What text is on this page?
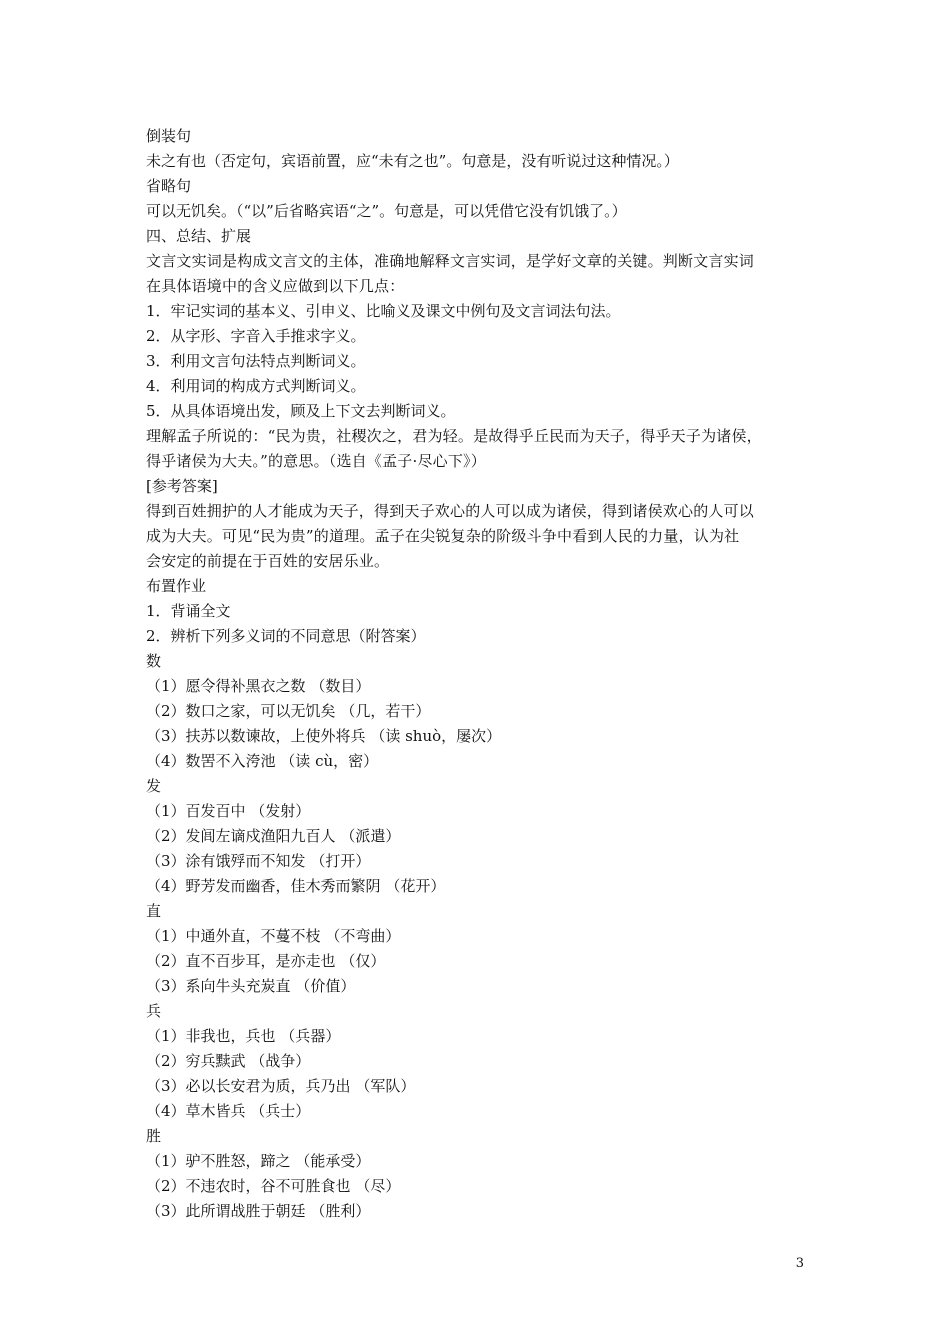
倒装句
未之有也（否定句，宾语前置，应“未有之也”。句意是，没有听说过这种情况。）
省略句
可以无饥矣。（“以”后省略宾语“之”。句意是，可以凭借它没有饥饿了。）
四、总结、扩展
文言文实词是构成文言文的主体，准确地解释文言实词，是学好文章的关键。判断文言实词
在具体语境中的含义应做到以下几点：
1．牢记实词的基本义、引申义、比喻义及课文中例句及文言词法句法。
2．从字形、字音入手推求字义。
3．利用文言句法特点判断词义。
4．利用词的构成方式判断词义。
5．从具体语境出发，顾及上下文去判断词义。
理解孟子所说的：“民为贵，社稷次之，君为轻。是故得乎丘民而为天子，得乎天子为诸侯，
得乎诸侯为大夫。”的意思。（选自《孟子·尽心下》）
[参考答案]
得到百姓拥护的人才能成为天子，得到天子欢心的人可以成为诸侯，得到诸侯欢心的人可以
成为大夫。可见“民为贵”的道理。孟子在尖锐复杂的阶级斗争中看到人民的力量，认为社
会安定的前提在于百姓的安居乐业。
布置作业
1．背诵全文
2．辨析下列多义词的不同意思（附答案）
数
（1）愿令得补黑衣之数 （数目）
（2）数口之家，可以无饥矣 （几，若干）
（3）扶苏以数谏故，上使外将兵 （读 shuò，屡次）
（4）数罟不入洿池 （读 cù，密）
发
（1）百发百中 （发射）
（2）发闾左谪戍渔阳九百人 （派遣）
（3）涂有饿殍而不知发 （打开）
（4）野芳发而幽香，佳木秀而繁阴 （花开）
直
（1）中通外直，不蔓不枝 （不弯曲）
（2）直不百步耳，是亦走也 （仅）
（3）系向牛头充炭直 （价值）
兵
（1）非我也，兵也 （兵器）
（2）穷兵黩武 （战争）
（3）必以长安君为质，兵乃出 （军队）
（4）草木皆兵 （兵士）
胜
（1）驴不胜怒，蹄之 （能承受）
（2）不违农时，谷不可胜食也 （尽）
（3）此所谓战胜于朝廷 （胜利）
3
